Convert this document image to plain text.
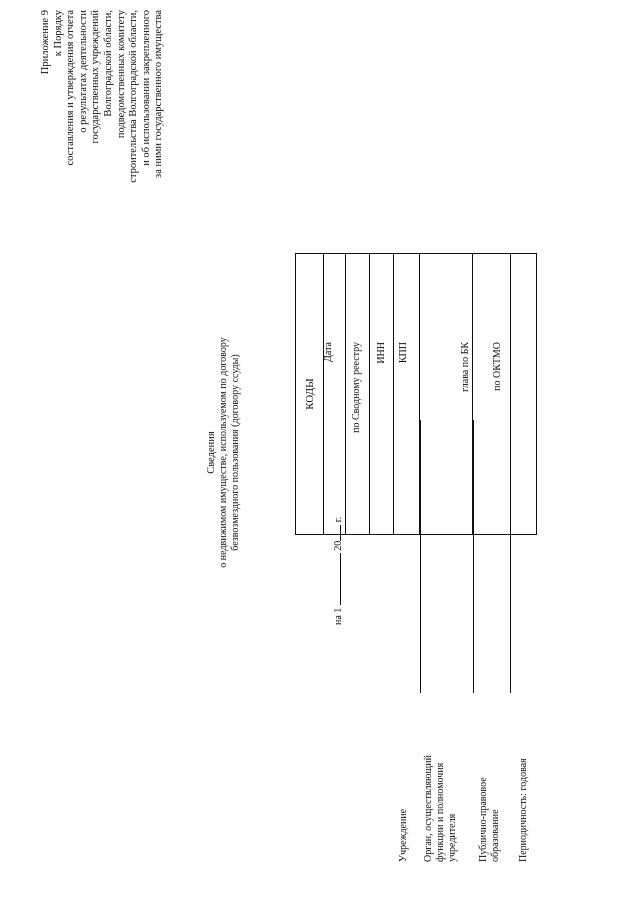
Приложение 9 к Порядку составления и утверждения отчета о результатах деятельности государственных учреждений Волгоградской области, подведомственных комитету строительства Волгоградской области, и об использовании закрепленного за ними государственного имущества
Сведения о недвижимом имуществе, используемом по договору безвозмездного пользования (договору ссуды)
на 1  20 г.
Учреждение Орган, осуществляющий функции и полномочия учредителя Публично-правовое образование Периодичность: годовая
Дата по Сводному реестру ИНН КПП	глава по БК по ОКТМО
КОДЫ
